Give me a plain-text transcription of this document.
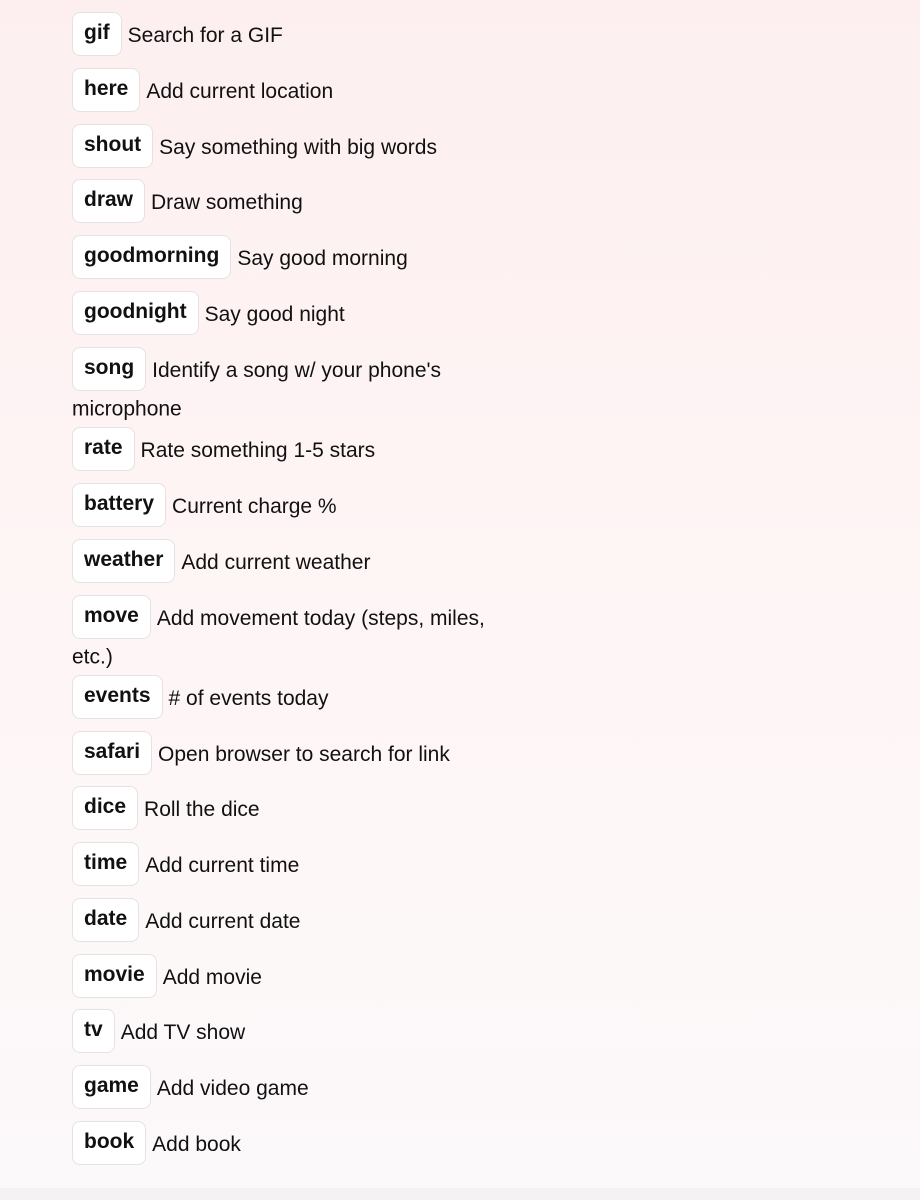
gif Search for a GIF
here Add current location
shout Say something with big words
draw Draw something
goodmorning Say good morning
goodnight Say good night
song Identify a song w/ your phone's microphone
rate Rate something 1-5 stars
battery Current charge %
weather Add current weather
move Add movement today (steps, miles, etc.)
events # of events today
safari Open browser to search for link
dice Roll the dice
time Add current time
date Add current date
movie Add movie
tv Add TV show
game Add video game
book Add book
